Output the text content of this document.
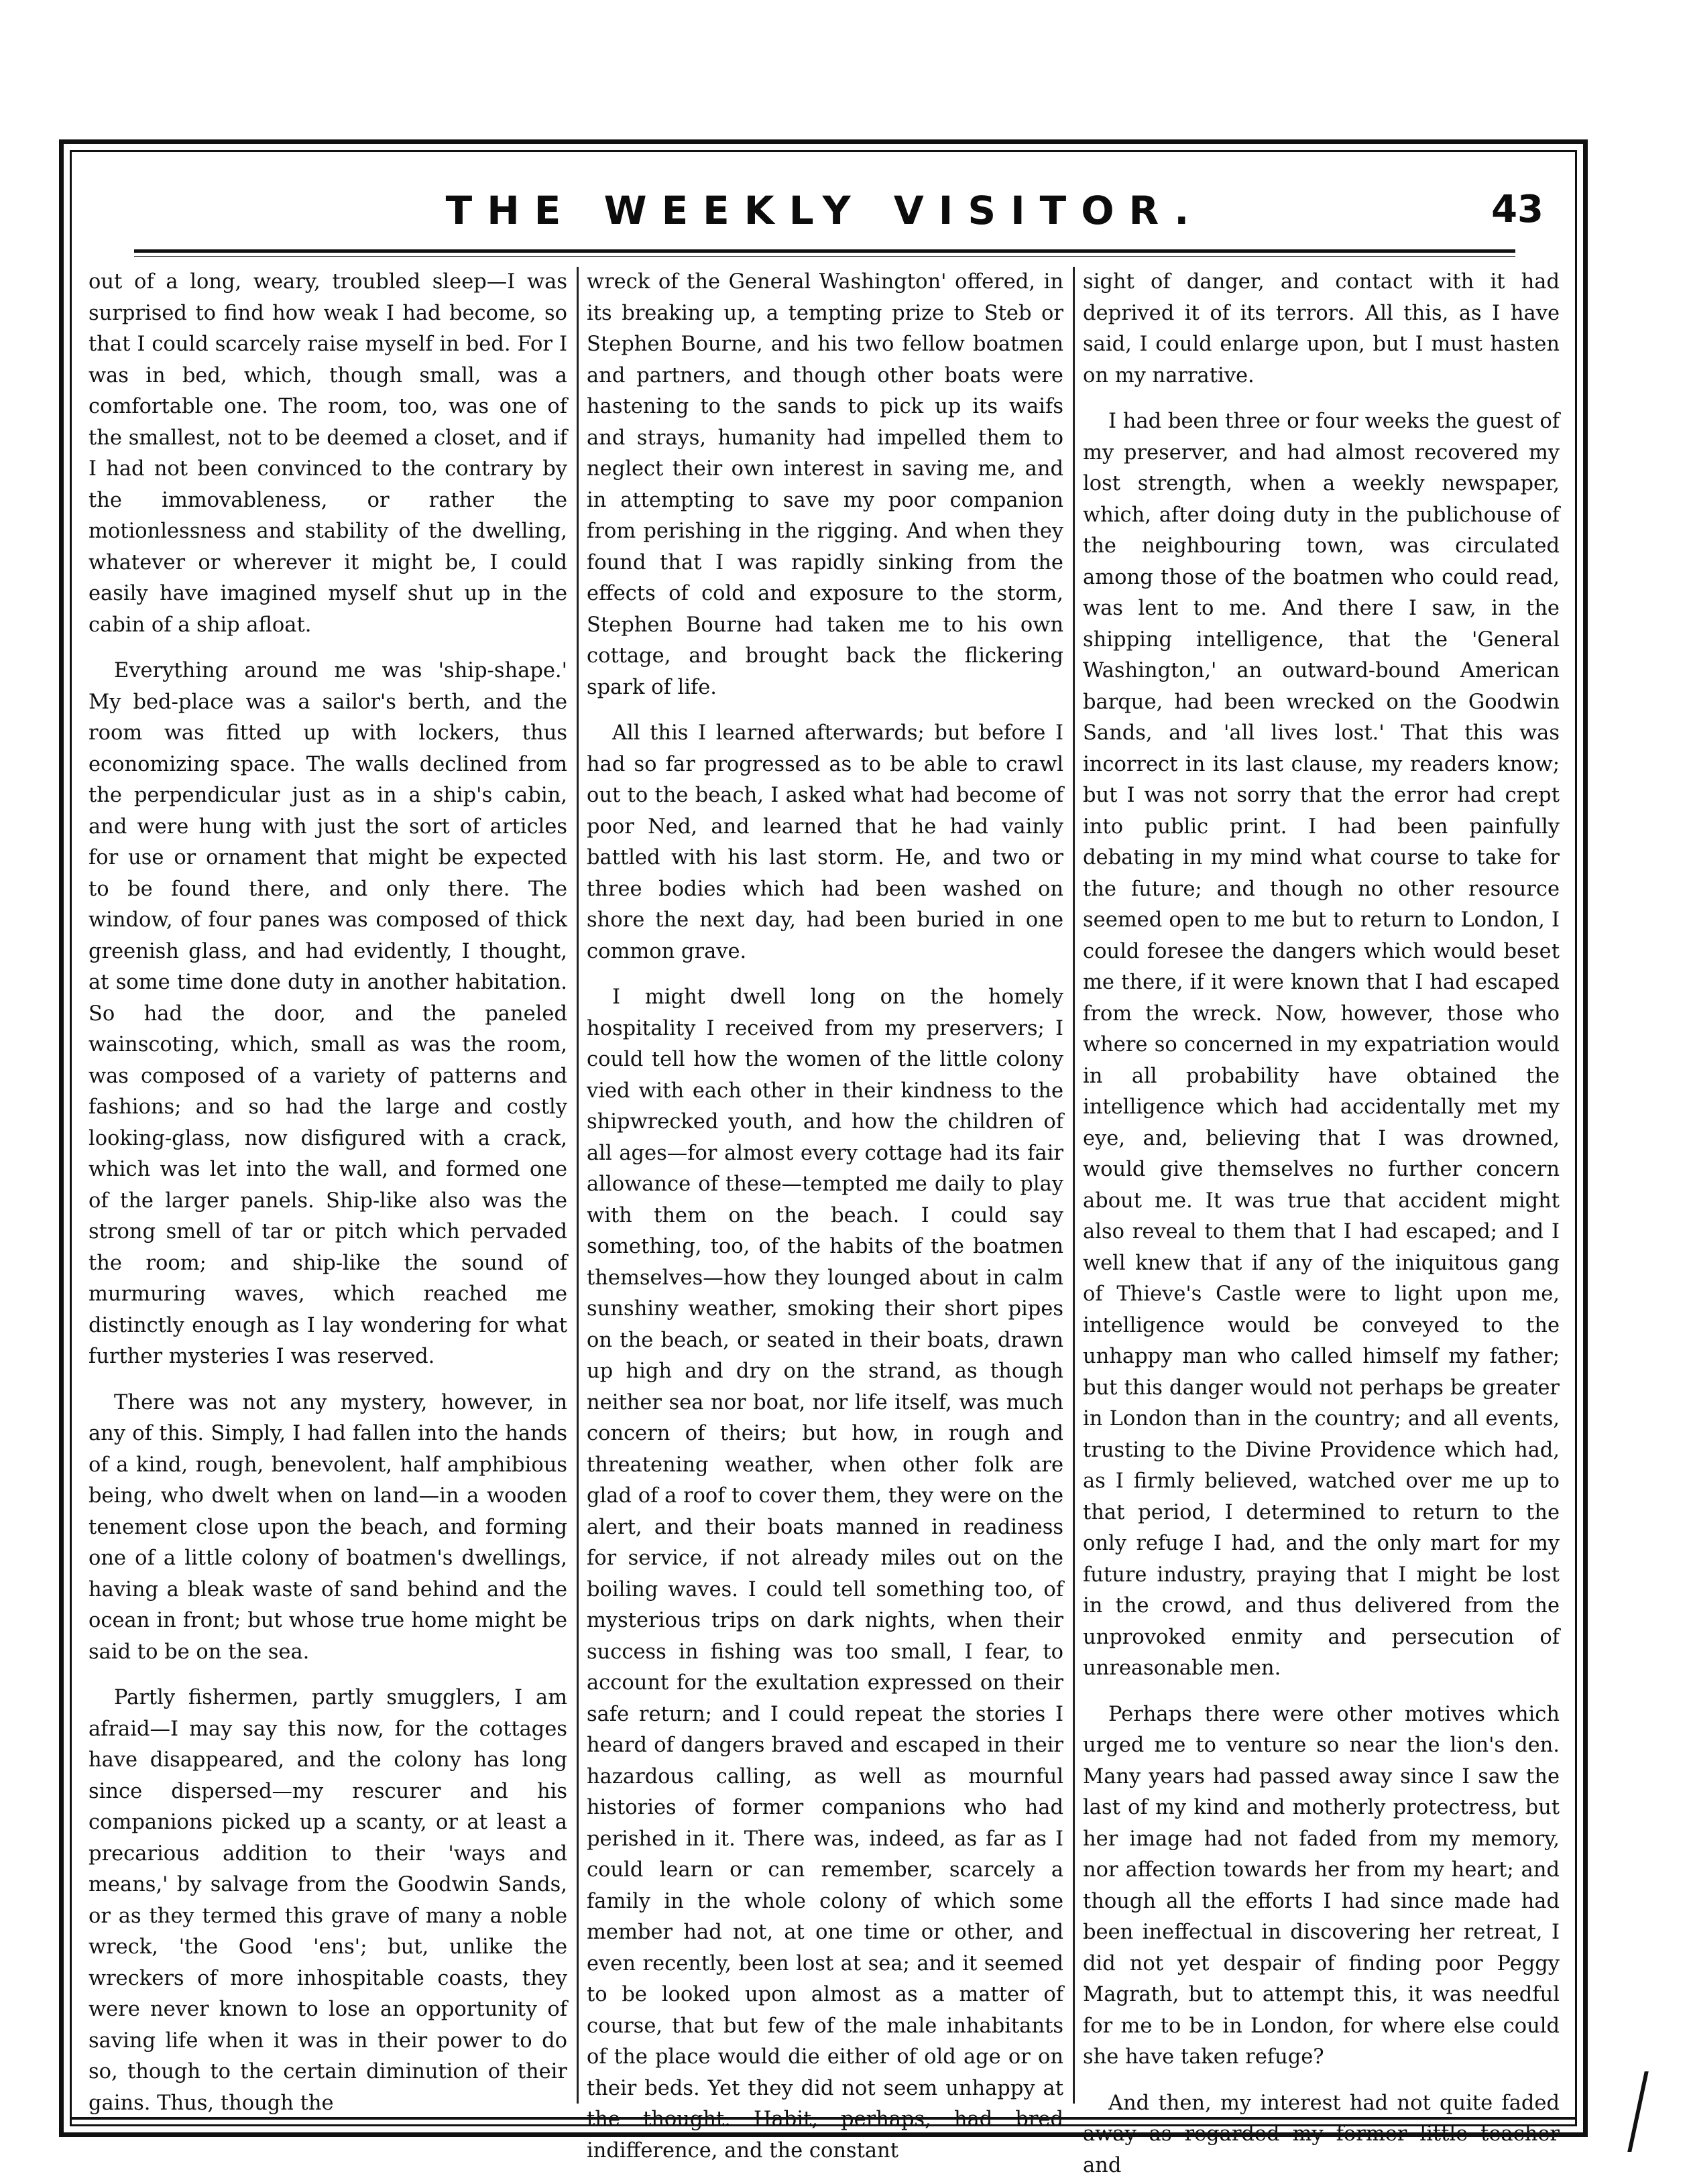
THE WEEKLY VISITOR.	43

out of a long, weary, troubled sleep—I was surprised to find how weak I had become, so that I could scarcely raise myself in bed. For I was in bed, which, though small, was a comfortable one. The room, too, was one of the smallest, not to be deemed a closet, and if I had not been convinced to the contrary by the immovableness, or rather the motionlessness and stability of the dwelling, whatever or wherever it might be, I could easily have imagined myself shut up in the cabin of a ship afloat.

Everything around me was 'ship-shape.' My bed-place was a sailor's berth, and the room was fitted up with lockers, thus economizing space. The walls declined from the perpendicular just as in a ship's cabin, and were hung with just the sort of articles for use or ornament that might be expected to be found there, and only there. The window, of four panes was composed of thick greenish glass, and had evidently, I thought, at some time done duty in another habitation. So had the door, and the paneled wainscoting, which, small as was the room, was composed of a variety of patterns and fashions; and so had the large and costly looking-glass, now disfigured with a crack, which was let into the wall, and formed one of the larger panels. Ship-like also was the strong smell of tar or pitch which pervaded the room; and ship-like the sound of murmuring waves, which reached me distinctly enough as I lay wondering for what further mysteries I was reserved.

There was not any mystery, however, in any of this. Simply, I had fallen into the hands of a kind, rough, benevolent, half amphibious being, who dwelt when on land—in a wooden tenement close upon the beach, and forming one of a little colony of boatmen's dwellings, having a bleak waste of sand behind and the ocean in front; but whose true home might be said to be on the sea.

Partly fishermen, partly smugglers, I am afraid—I may say this now, for the cottages have disappeared, and the colony has long since dispersed—my rescurer and his companions picked up a scanty, or at least a precarious addition to their 'ways and means,' by salvage from the Goodwin Sands, or as they termed this grave of many a noble wreck, 'the Good 'ens'; but, unlike the wreckers of more inhospitable coasts, they were never known to lose an opportunity of saving life when it was in their power to do so, though to the certain diminution of their gains. Thus, though the

wreck of the General Washington' offered, in its breaking up, a tempting prize to Steb or Stephen Bourne, and his two fellow boatmen and partners, and though other boats were hastening to the sands to pick up its waifs and strays, humanity had impelled them to neglect their own interest in saving me, and in attempting to save my poor companion from perishing in the rigging. And when they found that I was rapidly sinking from the effects of cold and exposure to the storm, Stephen Bourne had taken me to his own cottage, and brought back the flickering spark of life.

All this I learned afterwards; but before I had so far progressed as to be able to crawl out to the beach, I asked what had become of poor Ned, and learned that he had vainly battled with his last storm. He, and two or three bodies which had been washed on shore the next day, had been buried in one common grave.

I might dwell long on the homely hospitality I received from my preservers; I could tell how the women of the little colony vied with each other in their kindness to the shipwrecked youth, and how the children of all ages—for almost every cottage had its fair allowance of these—tempted me daily to play with them on the beach. I could say something, too, of the habits of the boatmen themselves—how they lounged about in calm sunshiny weather, smoking their short pipes on the beach, or seated in their boats, drawn up high and dry on the strand, as though neither sea nor boat, nor life itself, was much concern of theirs; but how, in rough and threatening weather, when other folk are glad of a roof to cover them, they were on the alert, and their boats manned in readiness for service, if not already miles out on the boiling waves. I could tell something too, of mysterious trips on dark nights, when their success in fishing was too small, I fear, to account for the exultation expressed on their safe return; and I could repeat the stories I heard of dangers braved and escaped in their hazardous calling, as well as mournful histories of former companions who had perished in it. There was, indeed, as far as I could learn or can remember, scarcely a family in the whole colony of which some member had not, at one time or other, and even recently, been lost at sea; and it seemed to be looked upon almost as a matter of course, that but few of the male inhabitants of the place would die either of old age or on their beds. Yet they did not seem unhappy at the thought. Habit, perhaps, had bred indifference, and the constant

sight of danger, and contact with it had deprived it of its terrors. All this, as I have said, I could enlarge upon, but I must hasten on my narrative.

I had been three or four weeks the guest of my preserver, and had almost recovered my lost strength, when a weekly newspaper, which, after doing duty in the publichouse of the neighbouring town, was circulated among those of the boatmen who could read, was lent to me. And there I saw, in the shipping intelligence, that the 'General Washington,' an outward-bound American barque, had been wrecked on the Goodwin Sands, and 'all lives lost.' That this was incorrect in its last clause, my readers know; but I was not sorry that the error had crept into public print. I had been painfully debating in my mind what course to take for the future; and though no other resource seemed open to me but to return to London, I could foresee the dangers which would beset me there, if it were known that I had escaped from the wreck. Now, however, those who where so concerned in my expatriation would in all probability have obtained the intelligence which had accidentally met my eye, and, believing that I was drowned, would give themselves no further concern about me. It was true that accident might also reveal to them that I had escaped; and I well knew that if any of the iniquitous gang of Thieve's Castle were to light upon me, intelligence would be conveyed to the unhappy man who called himself my father; but this danger would not perhaps be greater in London than in the country; and all events, trusting to the Divine Providence which had, as I firmly believed, watched over me up to that period, I determined to return to the only refuge I had, and the only mart for my future industry, praying that I might be lost in the crowd, and thus delivered from the unprovoked enmity and persecution of unreasonable men.

Perhaps there were other motives which urged me to venture so near the lion's den. Many years had passed away since I saw the last of my kind and motherly protectress, but her image had not faded from my memory, nor affection towards her from my heart; and though all the efforts I had since made had been ineffectual in discovering her retreat, I did not yet despair of finding poor Peggy Magrath, but to attempt this, it was needful for me to be in London, for where else could she have taken refuge?

And then, my interest had not quite faded away as regarded my former little teacher and
